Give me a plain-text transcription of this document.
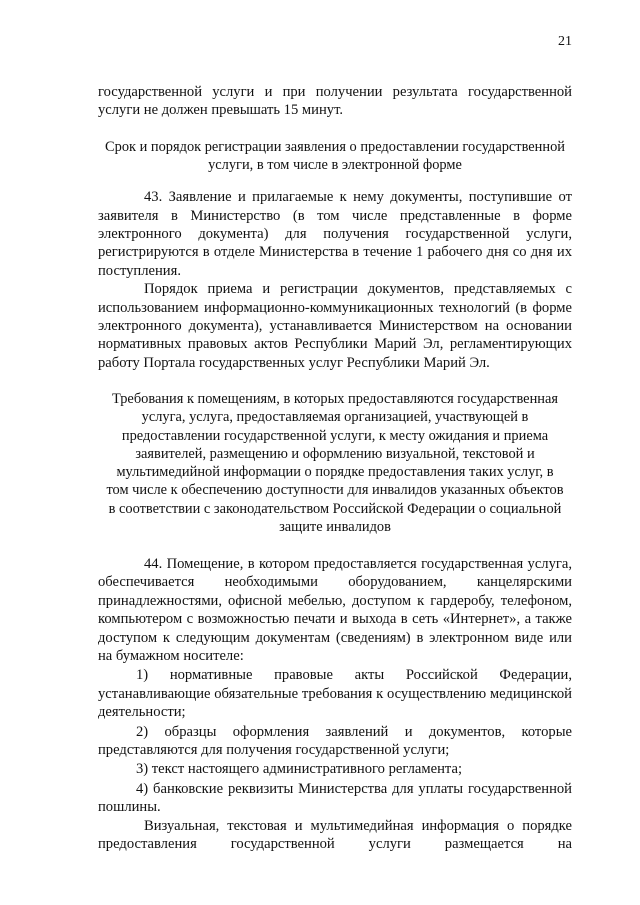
21

государственной услуги и при получении результата государственной услуги не должен превышать 15 минут.

Срок и порядок регистрации заявления о предоставлении государственной услуги, в том числе в электронной форме

43. Заявление и прилагаемые к нему документы, поступившие от заявителя в Министерство (в том числе представленные в форме электронного документа) для получения государственной услуги, регистрируются в отделе Министерства в течение 1 рабочего дня со дня их поступления.

Порядок приема и регистрации документов, представляемых с использованием информационно-коммуникационных технологий (в форме электронного документа), устанавливается Министерством на основании нормативных правовых актов Республики Марий Эл, регламентирующих работу Портала государственных услуг Республики Марий Эл.

Требования к помещениям, в которых предоставляются государственная услуга, услуга, предоставляемая организацией, участвующей в предоставлении государственной услуги, к месту ожидания и приема заявителей, размещению и оформлению визуальной, текстовой и мультимедийной информации о порядке предоставления таких услуг, в том числе к обеспечению доступности для инвалидов указанных объектов в соответствии с законодательством Российской Федерации о социальной защите инвалидов

44. Помещение, в котором предоставляется государственная услуга, обеспечивается необходимыми оборудованием, канцелярскими принадлежностями, офисной мебелью, доступом к гардеробу, телефоном, компьютером с возможностью печати и выхода в сеть «Интернет», а также доступом к следующим документам (сведениям) в электронном виде или на бумажном носителе:

1) нормативные правовые акты Российской Федерации, устанавливающие обязательные требования к осуществлению медицинской деятельности;

2) образцы оформления заявлений и документов, которые представляются для получения государственной услуги;

3) текст настоящего административного регламента;

4) банковские реквизиты Министерства для уплаты государственной пошлины.

Визуальная, текстовая и мультимедийная информация о порядке предоставления государственной услуги размещается на
